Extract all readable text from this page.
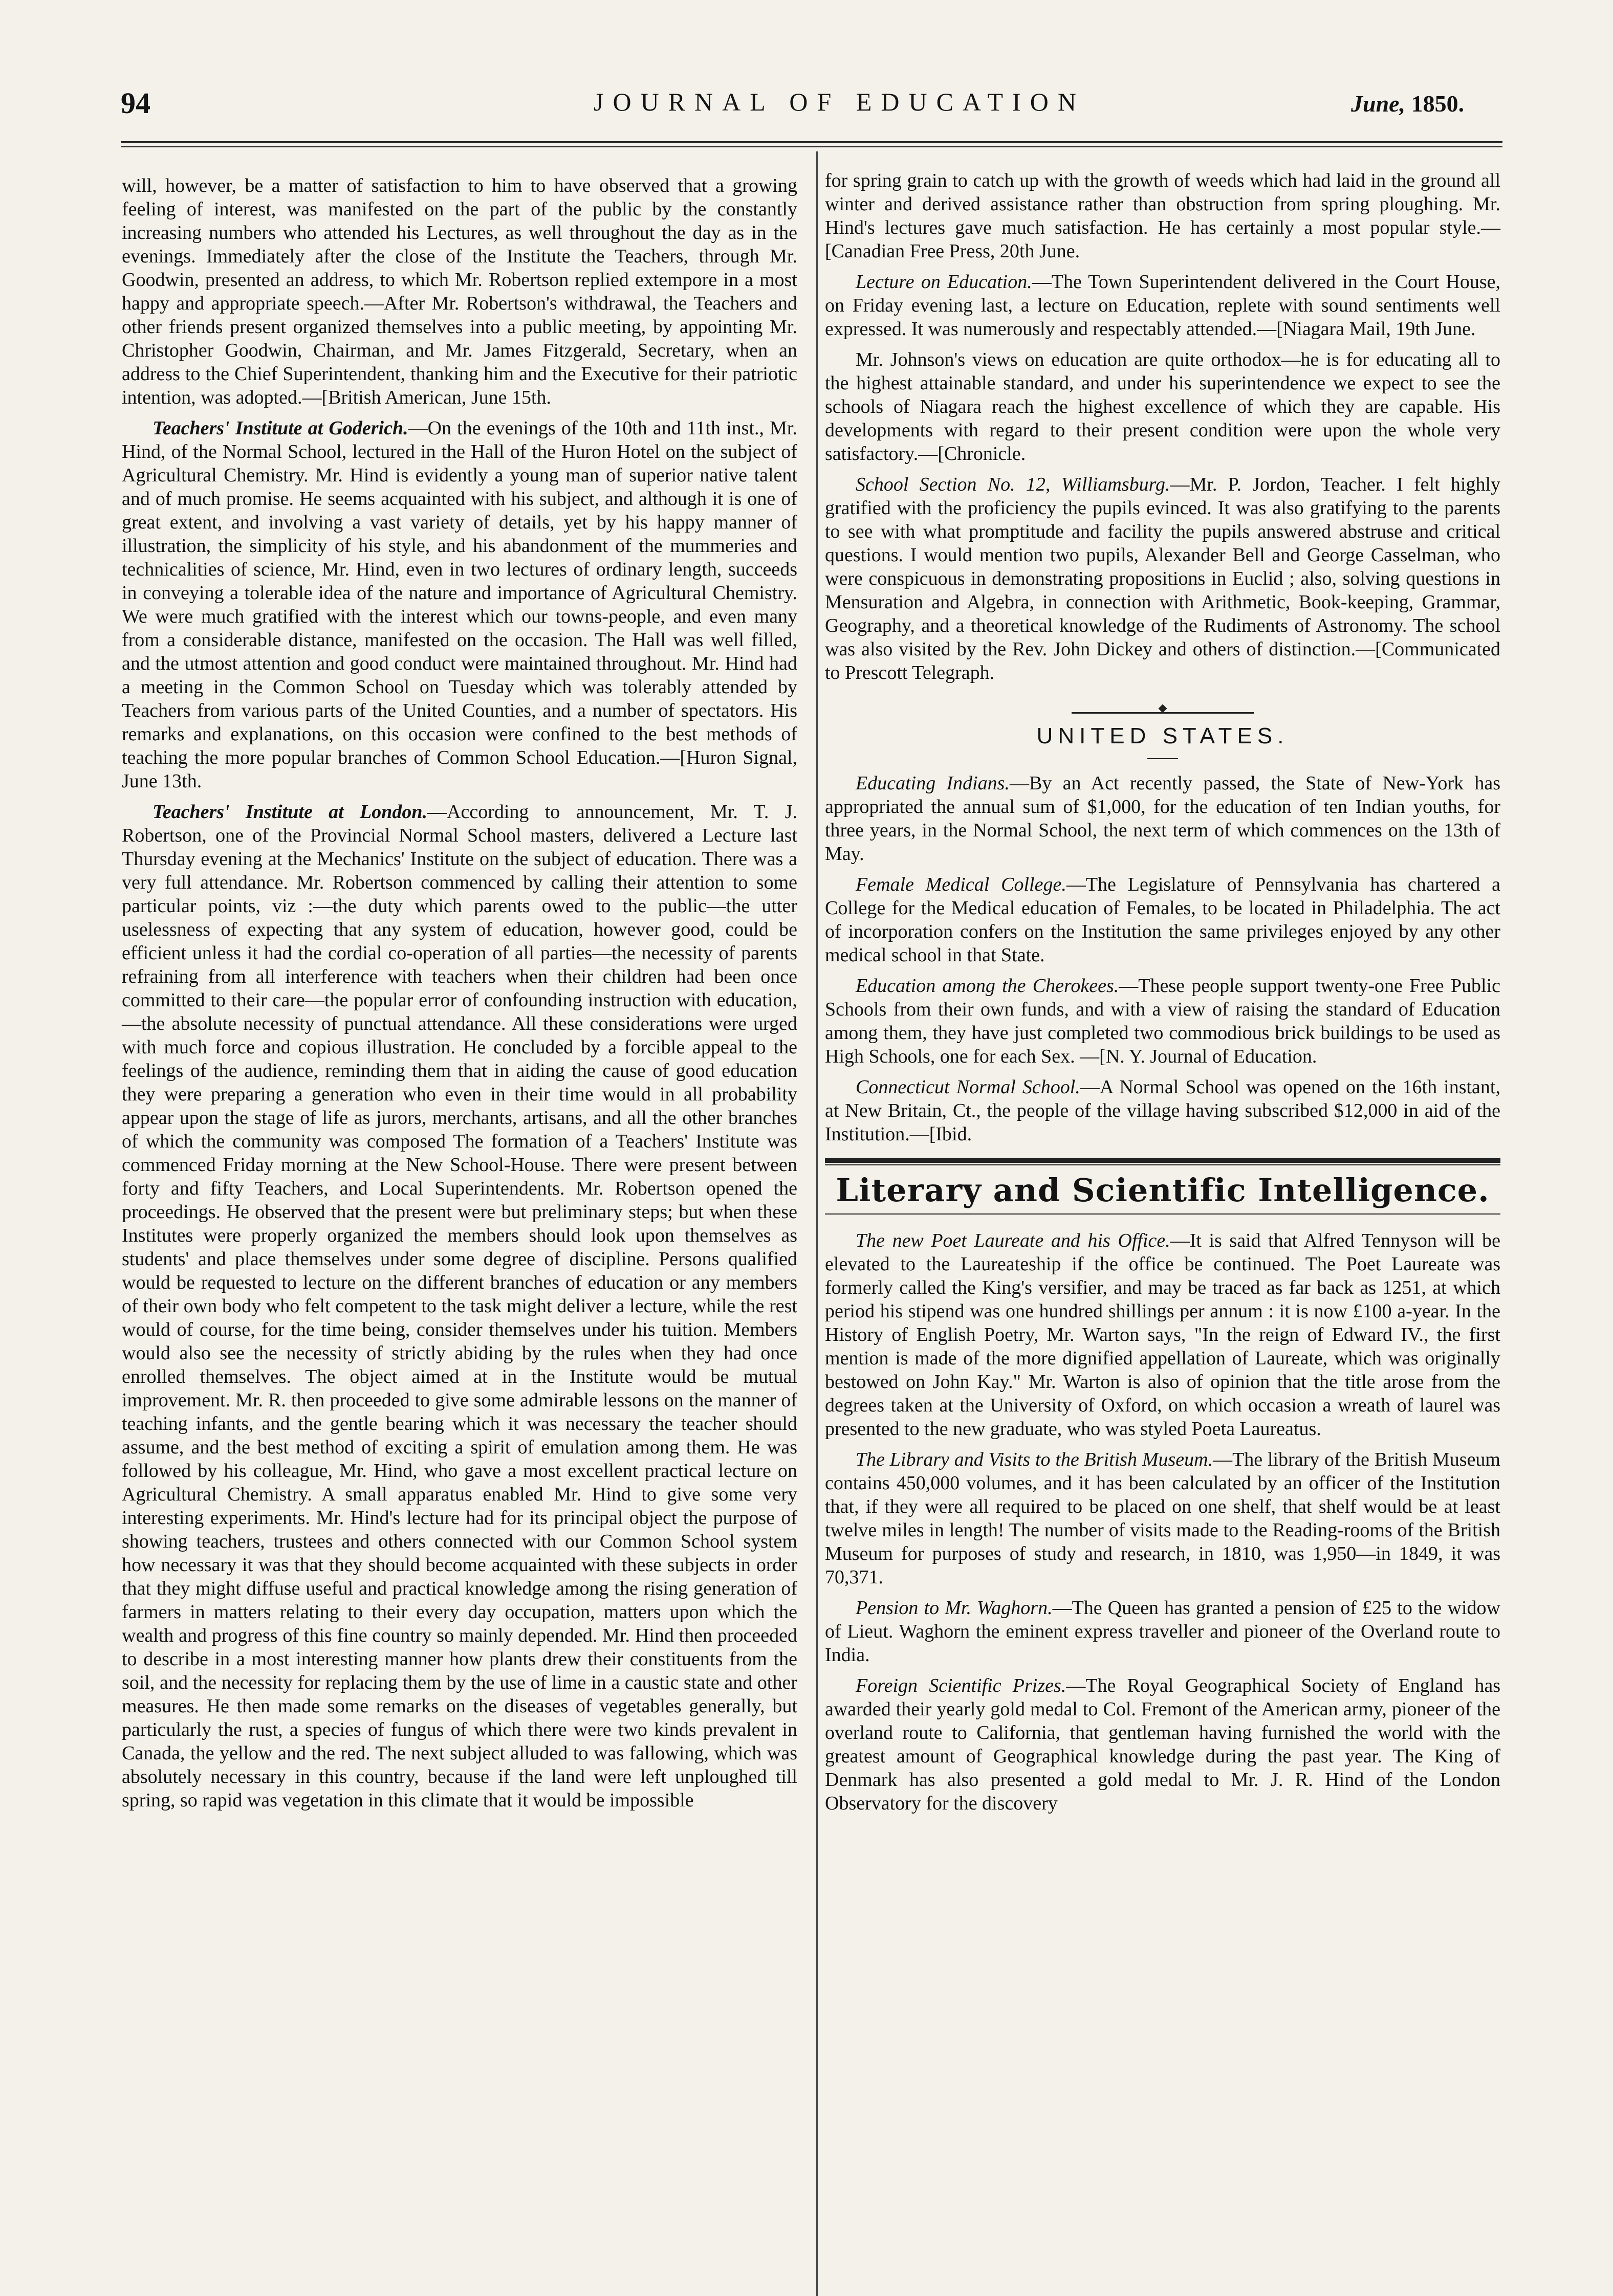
94	JOURNAL OF EDUCATION	June, 1850.

will, however, be a matter of satisfaction to him to have observed that a growing feeling of interest, was manifested on the part of the public by the constantly increasing numbers who attended his Lectures, as well throughout the day as in the evenings. Immediately after the close of the Institute the Teachers, through Mr. Goodwin, presented an address, to which Mr. Robertson replied extempore in a most happy and appropriate speech.—After Mr. Robertson's withdrawal, the Teachers and other friends present organized themselves into a public meeting, by appointing Mr. Christopher Goodwin, Chairman, and Mr. James Fitzgerald, Secretary, when an address to the Chief Superintendent, thanking him and the Executive for their patriotic intention, was adopted.—[British American, June 15th.

Teachers' Institute at Goderich.—On the evenings of the 10th and 11th inst., Mr. Hind, of the Normal School, lectured in the Hall of the Huron Hotel on the subject of Agricultural Chemistry. Mr. Hind is evidently a young man of superior native talent and of much promise. He seems acquainted with his subject, and although it is one of great extent, and involving a vast variety of details, yet by his happy manner of illustration, the simplicity of his style, and his abandonment of the mummeries and technicalities of science, Mr. Hind, even in two lectures of ordinary length, succeeds in conveying a tolerable idea of the nature and importance of Agricultural Chemistry. We were much gratified with the interest which our towns-people, and even many from a considerable distance, manifested on the occasion. The Hall was well filled, and the utmost attention and good conduct were maintained throughout. Mr. Hind had a meeting in the Common School on Tuesday which was tolerably attended by Teachers from various parts of the United Counties, and a number of spectators. His remarks and explanations, on this occasion were confined to the best methods of teaching the more popular branches of Common School Education.—[Huron Signal, June 13th.

Teachers' Institute at London.—According to announcement, Mr. T. J. Robertson, one of the Provincial Normal School masters, delivered a Lecture last Thursday evening at the Mechanics' Institute on the subject of education. There was a very full attendance. Mr. Robertson commenced by calling their attention to some particular points, viz :—the duty which parents owed to the public—the utter uselessness of expecting that any system of education, however good, could be efficient unless it had the cordial co-operation of all parties—the necessity of parents refraining from all interference with teachers when their children had been once committed to their care—the popular error of confounding instruction with education,—the absolute necessity of punctual attendance. All these considerations were urged with much force and copious illustration. He concluded by a forcible appeal to the feelings of the audience, reminding them that in aiding the cause of good education they were preparing a generation who even in their time would in all probability appear upon the stage of life as jurors, merchants, artisans, and all the other branches of which the community was composed The formation of a Teachers' Institute was commenced Friday morning at the New School-House. There were present between forty and fifty Teachers, and Local Superintendents. Mr. Robertson opened the proceedings. He observed that the present were but preliminary steps; but when these Institutes were properly organized the members should look upon themselves as students' and place themselves under some degree of discipline. Persons qualified would be requested to lecture on the different branches of education or any members of their own body who felt competent to the task might deliver a lecture, while the rest would of course, for the time being, consider themselves under his tuition. Members would also see the necessity of strictly abiding by the rules when they had once enrolled themselves. The object aimed at in the Institute would be mutual improvement. Mr. R. then proceeded to give some admirable lessons on the manner of teaching infants, and the gentle bearing which it was necessary the teacher should assume, and the best method of exciting a spirit of emulation among them. He was followed by his colleague, Mr. Hind, who gave a most excellent practical lecture on Agricultural Chemistry. A small apparatus enabled Mr. Hind to give some very interesting experiments. Mr. Hind's lecture had for its principal object the purpose of showing teachers, trustees and others connected with our Common School system how necessary it was that they should become acquainted with these subjects in order that they might diffuse useful and practical knowledge among the rising generation of farmers in matters relating to their every day occupation, matters upon which the wealth and progress of this fine country so mainly depended. Mr. Hind then proceeded to describe in a most interesting manner how plants drew their constituents from the soil, and the necessity for replacing them by the use of lime in a caustic state and other measures. He then made some remarks on the diseases of vegetables generally, but particularly the rust, a species of fungus of which there were two kinds prevalent in Canada, the yellow and the red. The next subject alluded to was fallowing, which was absolutely necessary in this country, because if the land were left unploughed till spring, so rapid was vegetation in this climate that it would be impossible

for spring grain to catch up with the growth of weeds which had laid in the ground all winter and derived assistance rather than obstruction from spring ploughing. Mr. Hind's lectures gave much satisfaction. He has certainly a most popular style.—[Canadian Free Press, 20th June.

Lecture on Education.—The Town Superintendent delivered in the Court House, on Friday evening last, a lecture on Education, replete with sound sentiments well expressed. It was numerously and respectably attended.—[Niagara Mail, 19th June.

Mr. Johnson's views on education are quite orthodox—he is for educating all to the highest attainable standard, and under his superintendence we expect to see the schools of Niagara reach the highest excellence of which they are capable. His developments with regard to their present condition were upon the whole very satisfactory.—[Chronicle.

School Section No. 12, Williamsburg.—Mr. P. Jordon, Teacher. I felt highly gratified with the proficiency the pupils evinced. It was also gratifying to the parents to see with what promptitude and facility the pupils answered abstruse and critical questions. I would mention two pupils, Alexander Bell and George Casselman, who were conspicuous in demonstrating propositions in Euclid ; also, solving questions in Mensuration and Algebra, in connection with Arithmetic, Book-keeping, Grammar, Geography, and a theoretical knowledge of the Rudiments of Astronomy. The school was also visited by the Rev. John Dickey and others of distinction.—[Communicated to Prescott Telegraph.

UNITED STATES.

Educating Indians.—By an Act recently passed, the State of New-York has appropriated the annual sum of $1,000, for the education of ten Indian youths, for three years, in the Normal School, the next term of which commences on the 13th of May.

Female Medical College.—The Legislature of Pennsylvania has chartered a College for the Medical education of Females, to be located in Philadelphia. The act of incorporation confers on the Institution the same privileges enjoyed by any other medical school in that State.

Education among the Cherokees.—These people support twenty-one Free Public Schools from their own funds, and with a view of raising the standard of Education among them, they have just completed two commodious brick buildings to be used as High Schools, one for each Sex. —[N. Y. Journal of Education.

Connecticut Normal School.—A Normal School was opened on the 16th instant, at New Britain, Ct., the people of the village having subscribed $12,000 in aid of the Institution.—[Ibid.

Literary and Scientific Intelligence.

The new Poet Laureate and his Office.—It is said that Alfred Tennyson will be elevated to the Laureateship if the office be continued. The Poet Laureate was formerly called the King's versifier, and may be traced as far back as 1251, at which period his stipend was one hundred shillings per annum : it is now £100 a-year. In the History of English Poetry, Mr. Warton says, "In the reign of Edward IV., the first mention is made of the more dignified appellation of Laureate, which was originally bestowed on John Kay." Mr. Warton is also of opinion that the title arose from the degrees taken at the University of Oxford, on which occasion a wreath of laurel was presented to the new graduate, who was styled Poeta Laureatus.

The Library and Visits to the British Museum.—The library of the British Museum contains 450,000 volumes, and it has been calculated by an officer of the Institution that, if they were all required to be placed on one shelf, that shelf would be at least twelve miles in length! The number of visits made to the Reading-rooms of the British Museum for purposes of study and research, in 1810, was 1,950—in 1849, it was 70,371.

Pension to Mr. Waghorn.—The Queen has granted a pension of £25 to the widow of Lieut. Waghorn the eminent express traveller and pioneer of the Overland route to India.

Foreign Scientific Prizes.—The Royal Geographical Society of England has awarded their yearly gold medal to Col. Fremont of the American army, pioneer of the overland route to California, that gentleman having furnished the world with the greatest amount of Geographical knowledge during the past year. The King of Denmark has also presented a gold medal to Mr. J. R. Hind of the London Observatory for the discovery
